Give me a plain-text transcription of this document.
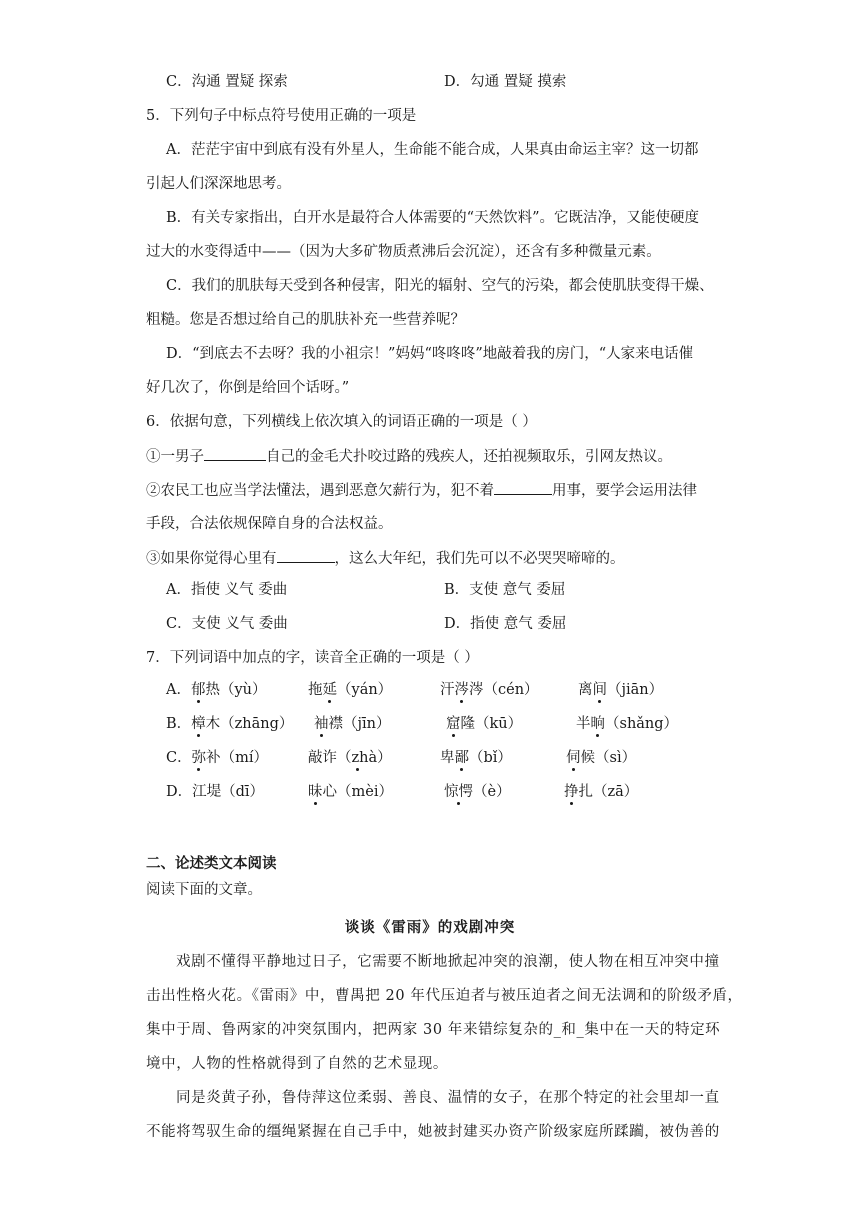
C．沟通 置疑 探索	D．勾通 置疑 摸索
5．下列句子中标点符号使用正确的一项是
A．茫茫宇宙中到底有没有外星人，生命能不能合成，人果真由命运主宰？这一切都
引起人们深深地思考。
B．有关专家指出，白开水是最符合人体需要的“天然饮料”。它既洁净，又能使硬度
过大的水变得适中——（因为大多矿物质煮沸后会沉淀），还含有多种微量元素。
C．我们的肌肤每天受到各种侵害，阳光的辐射、空气的污染，都会使肌肤变得干燥、
粗糙。您是否想过给自己的肌肤补充一些营养呢？
D．“到底去不去呀？我的小祖宗！”妈妈“咚咚咚”地敲着我的房门，“人家来电话催
好几次了，你倒是给回个话呀。”
6．依据句意，下列横线上依次填入的词语正确的一项是（ ）
①一男子	自己的金毛犬扑咬过路的残疾人，还拍视频取乐，引网友热议。
②农民工也应当学法懂法，遇到恶意欠薪行为，犯不着	用事，要学会运用法律
手段，合法依规保障自身的合法权益。
③如果你觉得心里有	，这么大年纪，我们先可以不必哭哭啼啼的。
A．指使 义气 委曲	B．支使 意气 委屈
C．支使 义气 委曲	D．指使 意气 委屈
7．下列词语中加点的字，读音全正确的一项是（ ）
A．郁热（yù）	拖延（yán）	汗涔涔（cén）	离间（jiān）
B．樟木（zhāng） 袖襟（jīn）	窟隆（kū）	半晌（shǎng）
C．弥补（mí）	敲诈（zhà）	卑鄙（bǐ）	伺候（sì）
D．江堤（dī）	昧心（mèi）	惊愕（è）	挣扎（zā）
二、论述类文本阅读
阅读下面的文章。
谈谈《雷雨》的戏剧冲突
戏剧不懂得平静地过日子，它需要不断地掀起冲突的浪潮，使人物在相互冲突中撞
击出性格火花。《雷雨》中，曹禺把 20 年代压迫者与被压迫者之间无法调和的阶级矛盾，
集中于周、鲁两家的冲突氛围内，把两家 30 年来错综复杂的_和_集中在一天的特定环
境中，人物的性格就得到了自然的艺术显现。
同是炎黄子孙，鲁侍萍这位柔弱、善良、温情的女子，在那个特定的社会里却一直
不能将驾驭生命的缰绳紧握在自己手中，她被封建买办资产阶级家庭所蹂躏，被伪善的
